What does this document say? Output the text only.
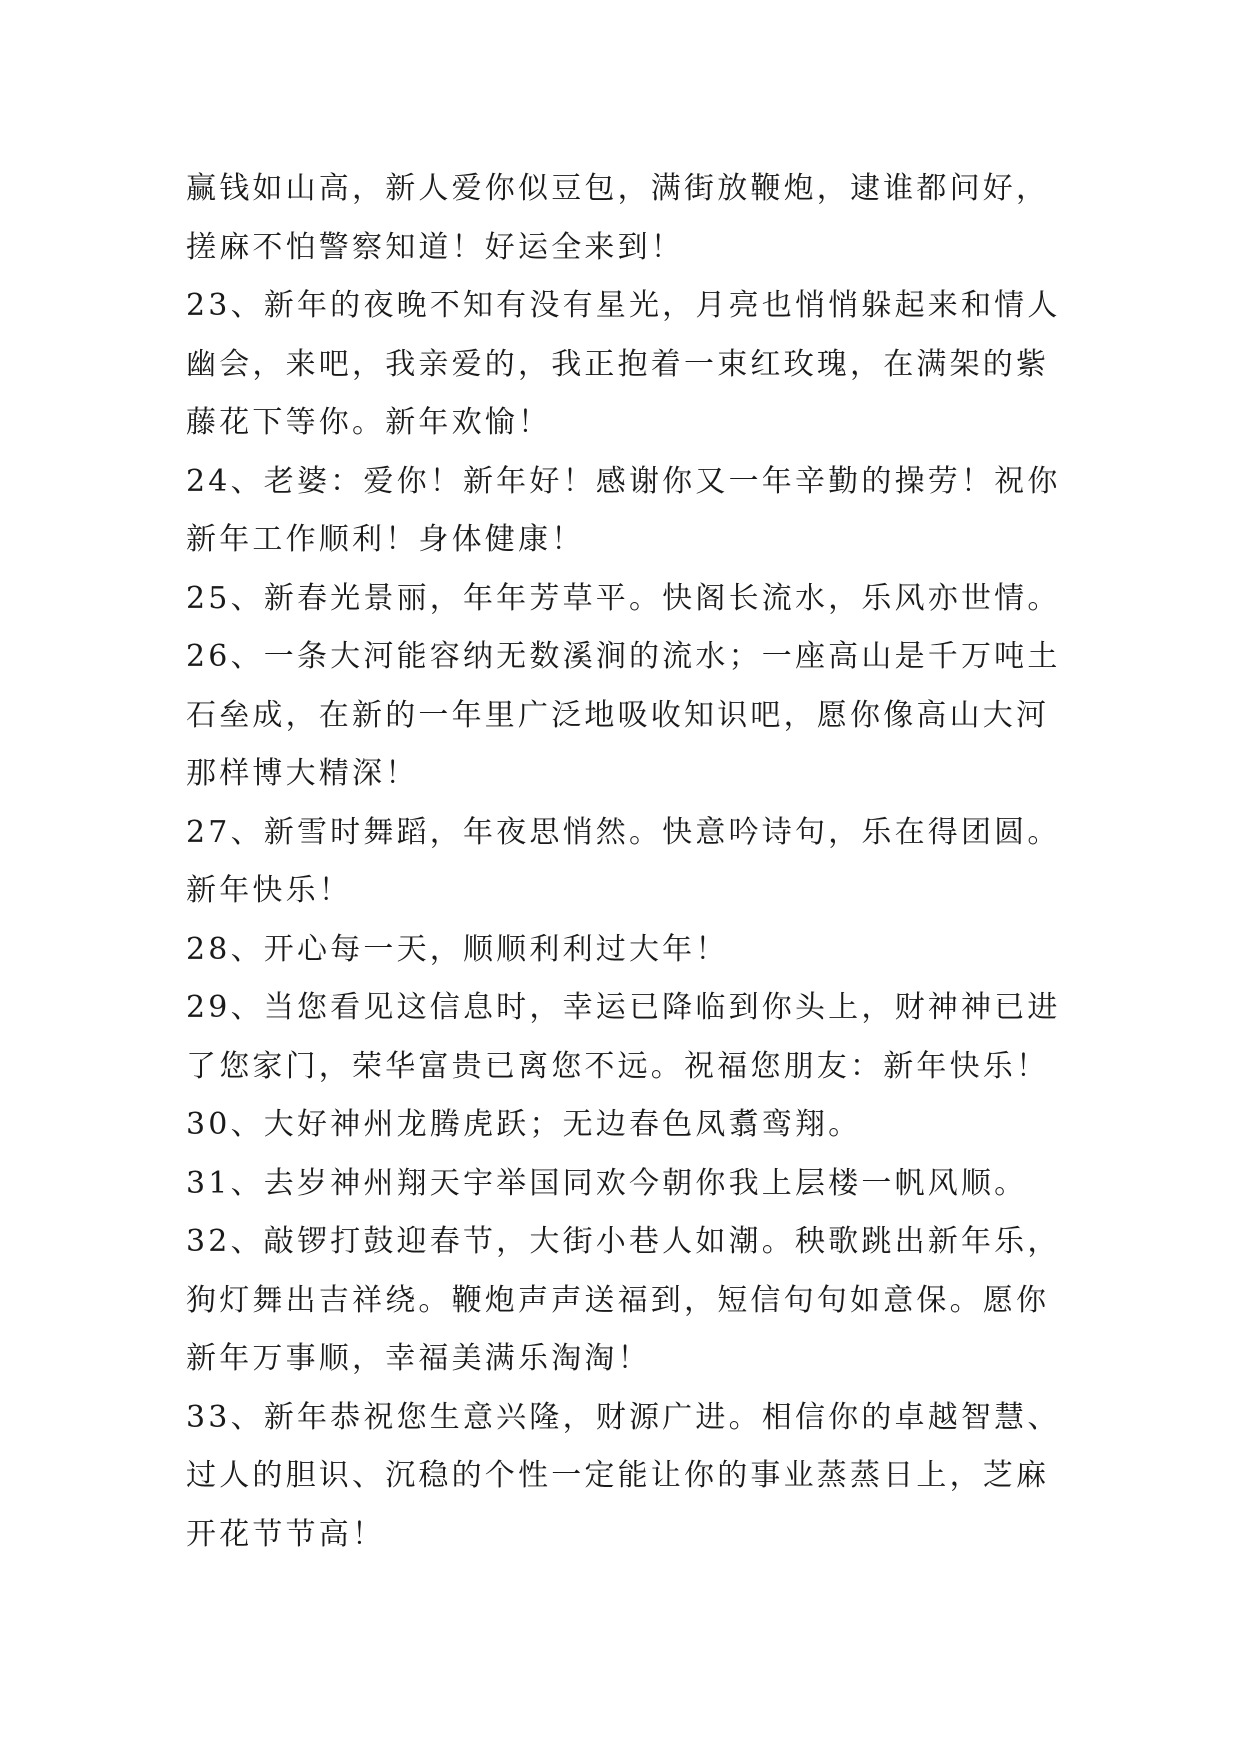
赢钱如山高，新人爱你似豆包，满街放鞭炮，逮谁都问好，
搓麻不怕警察知道！好运全来到！
23、新年的夜晚不知有没有星光，月亮也悄悄躲起来和情人
幽会，来吧，我亲爱的，我正抱着一束红玫瑰，在满架的紫
藤花下等你。新年欢愉！
24、老婆：爱你！新年好！感谢你又一年辛勤的操劳！祝你
新年工作顺利！身体健康！
25、新春光景丽，年年芳草平。快阁长流水，乐风亦世情。
26、一条大河能容纳无数溪涧的流水；一座高山是千万吨土
石垒成，在新的一年里广泛地吸收知识吧，愿你像高山大河
那样博大精深！
27、新雪时舞蹈，年夜思悄然。快意吟诗句，乐在得团圆。
新年快乐！
28、开心每一天，顺顺利利过大年！
29、当您看见这信息时，幸运已降临到你头上，财神神已进
了您家门，荣华富贵已离您不远。祝福您朋友：新年快乐！
30、大好神州龙腾虎跃；无边春色凤翥鸾翔。
31、去岁神州翔天宇举国同欢今朝你我上层楼一帆风顺。
32、敲锣打鼓迎春节，大街小巷人如潮。秧歌跳出新年乐，
狗灯舞出吉祥绕。鞭炮声声送福到，短信句句如意保。愿你
新年万事顺，幸福美满乐淘淘！
33、新年恭祝您生意兴隆，财源广进。相信你的卓越智慧、
过人的胆识、沉稳的个性一定能让你的事业蒸蒸日上，芝麻
开花节节高！
